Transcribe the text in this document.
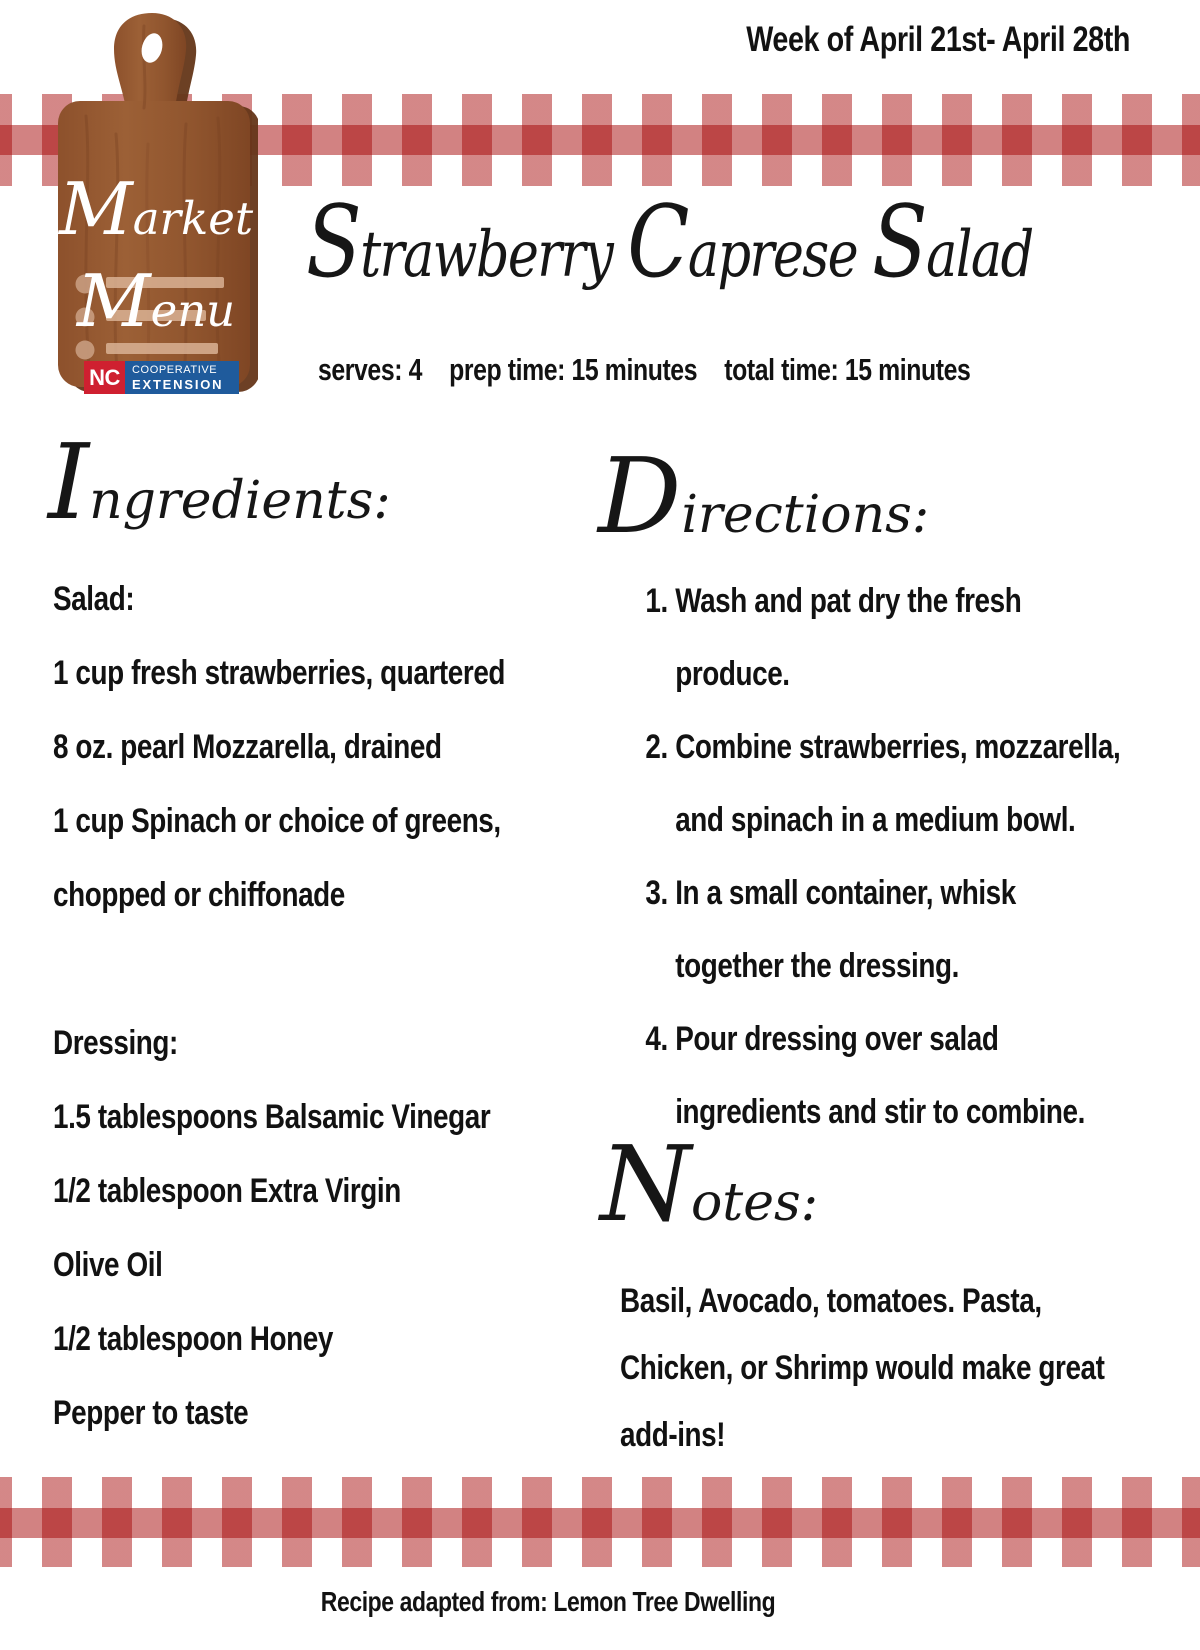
Week of April 21st- April 28th
Market
Menu
NC	COOPERATIVE
EXTENSION
Strawberry Caprese Salad
serves: 4 prep time: 15 minutes total time: 15 minutes
Ingredients:
Salad:
1 cup fresh strawberries, quartered
8 oz. pearl Mozzarella, drained
1 cup Spinach or choice of greens,
chopped or chiffonade
Dressing:
1.5 tablespoons Balsamic Vinegar
1/2 tablespoon Extra Virgin
Olive Oil
1/2 tablespoon Honey
Pepper to taste
Directions:
1. Wash and pat dry the fresh produce.
2. Combine strawberries, mozzarella, and spinach in a medium bowl.
3. In a small container, whisk together the dressing.
4. Pour dressing over salad ingredients and stir to combine.
Notes:
Basil, Avocado, tomatoes. Pasta,
Chicken, or Shrimp would make great
add-ins!
Recipe adapted from: Lemon Tree Dwelling
